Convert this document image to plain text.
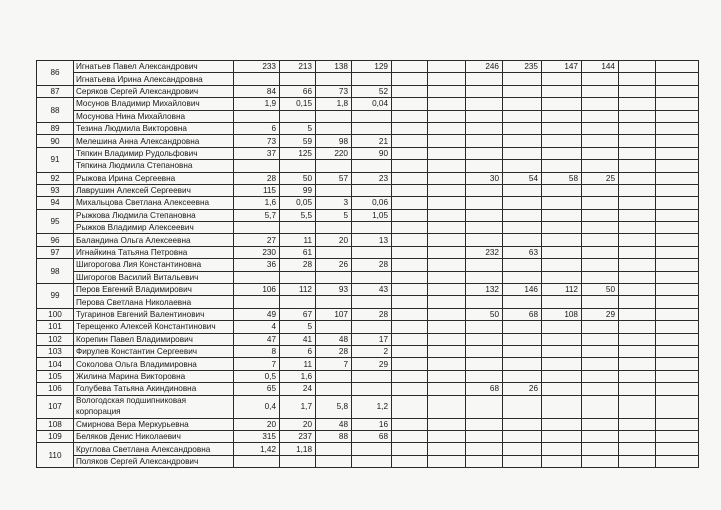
86	Игнатьев Павел Александрович	233	213	138	129			246	235	147	144		
	Игнатьева Ирина Александровна												
87	Серяков Сергей Александрович	84	66	73	52								
88	Мосунов Владимир Михайлович	1,9	0,15	1,8	0,04								
	Мосунова Нина Михайловна												
89	Тезина Людмила Викторовна	6	5										
90	Мелешина Анна Александровна	73	59	98	21								
91	Тяпкин Владимир Рудольфович	37	125	220	90								
	Тяпкина Людмила Степановна												
92	Рыжова Ирина Сергеевна	28	50	57	23			30	54	58	25		
93	Лаврушин Алексей Сергеевич	115	99										
94	Михальцова Светлана Алексеевна	1,6	0,05	3	0,06								
95	Рыжкова Людмила Степановна	5,7	5,5	5	1,05								
	Рыжков Владимир Алексеевич												
96	Баландина Ольга Алексеевна	27	11	20	13								
97	Игнайкина Татьяна Петровна	230	61					232	63				
98	Шигорогова Лия Константиновна	36	28	26	28								
	Шигорогов Василий Витальевич												
99	Перов Евгений Владимирович	106	112	93	43			132	146	112	50		
	Перова Светлана Николаевна												
100	Тугаринов Евгений Валентинович	49	67	107	28			50	68	108	29		
101	Терещенко Алексей Константинович	4	5										
102	Корепин Павел Владимирович	47	41	48	17								
103	Фирулев Константин Сергеевич	8	6	28	2								
104	Соколова Ольга Владимировна	7	11	7	29								
105	Жилина Марина Викторовна	0,5	1,6										
106	Голубева Татьяна Акиндиновна	65	24					68	26				
107	Вологодская подшипниковая корпорация	0,4	1,7	5,8	1,2								
108	Смирнова Вера Меркурьевна	20	20	48	16								
109	Беляков Денис Николаевич	315	237	88	68								
110	Круглова Светлана Александровна	1,42	1,18										
	Поляков Сергей Александрович												
